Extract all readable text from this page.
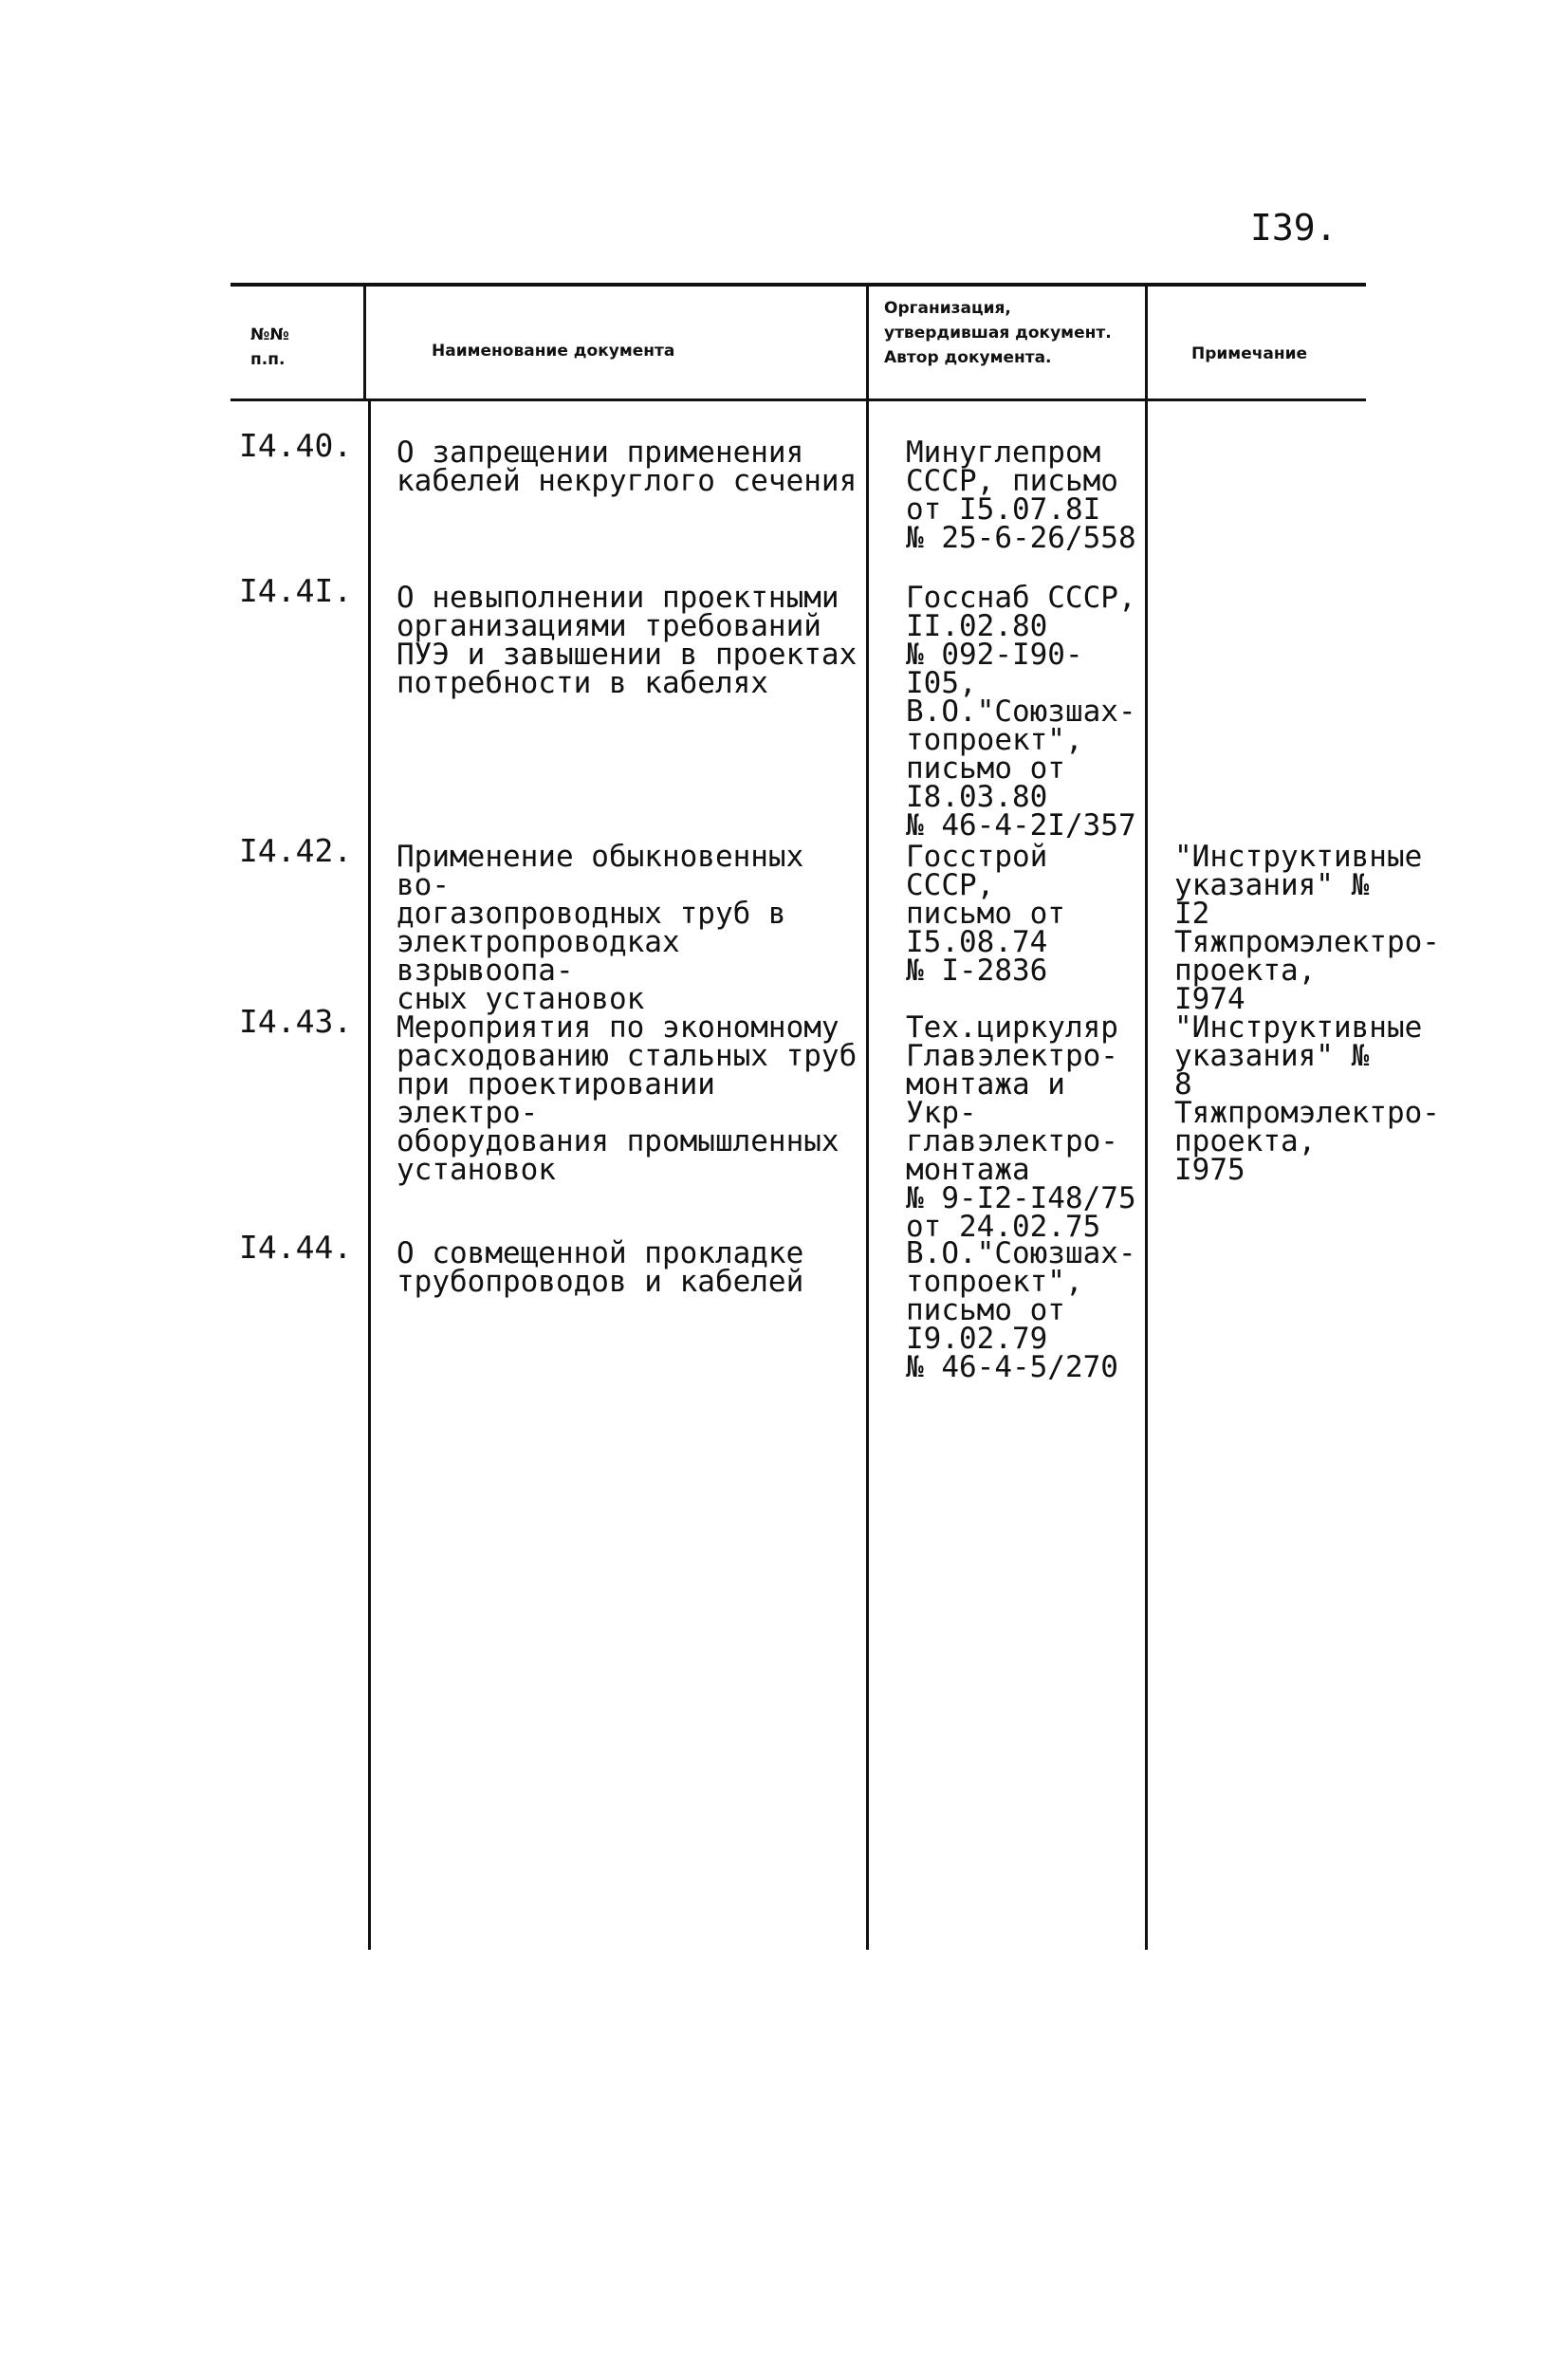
I39.
№№
п.п.	Наименование документа
Организация, утвердившая документ. Автор документа.	Примечание
I4.40. О запрещении применения
кабелей некруглого сечения
Минуглепром
СССР, письмо
от I5.07.8I
№ 25-6-26/558
I4.4I. О невыполнении проектными
организациями требований
ПУЭ и завышении в проектах
потребности в кабелях
Госснаб СССР,
II.02.80
№ 092-I90-I05,
В.О."Союзшах-
топроект",
письмо от
I8.03.80
№ 46-4-2I/357
I4.42. Применение обыкновенных во-
догазопроводных труб в
электропроводках взрывоопа-
сных установок
Госстрой СССР,
письмо от
I5.08.74
№ I-2836
"Инструктивные
указания" № I2
Тяжпромэлектро-
проекта,
I974
I4.43. Мероприятия по экономному
расходованию стальных труб
при проектировании электро-
оборудования промышленных
установок
Тех.циркуляр
Главэлектро-
монтажа и Укр-
главэлектро-
монтажа
№ 9-I2-I48/75
от 24.02.75
"Инструктивные
указания" № 8
Тяжпромэлектро-
проекта,
I975
I4.44. О совмещенной прокладке
трубопроводов и кабелей
В.О."Союзшах-
топроект",
письмо от
I9.02.79
№ 46-4-5/270
